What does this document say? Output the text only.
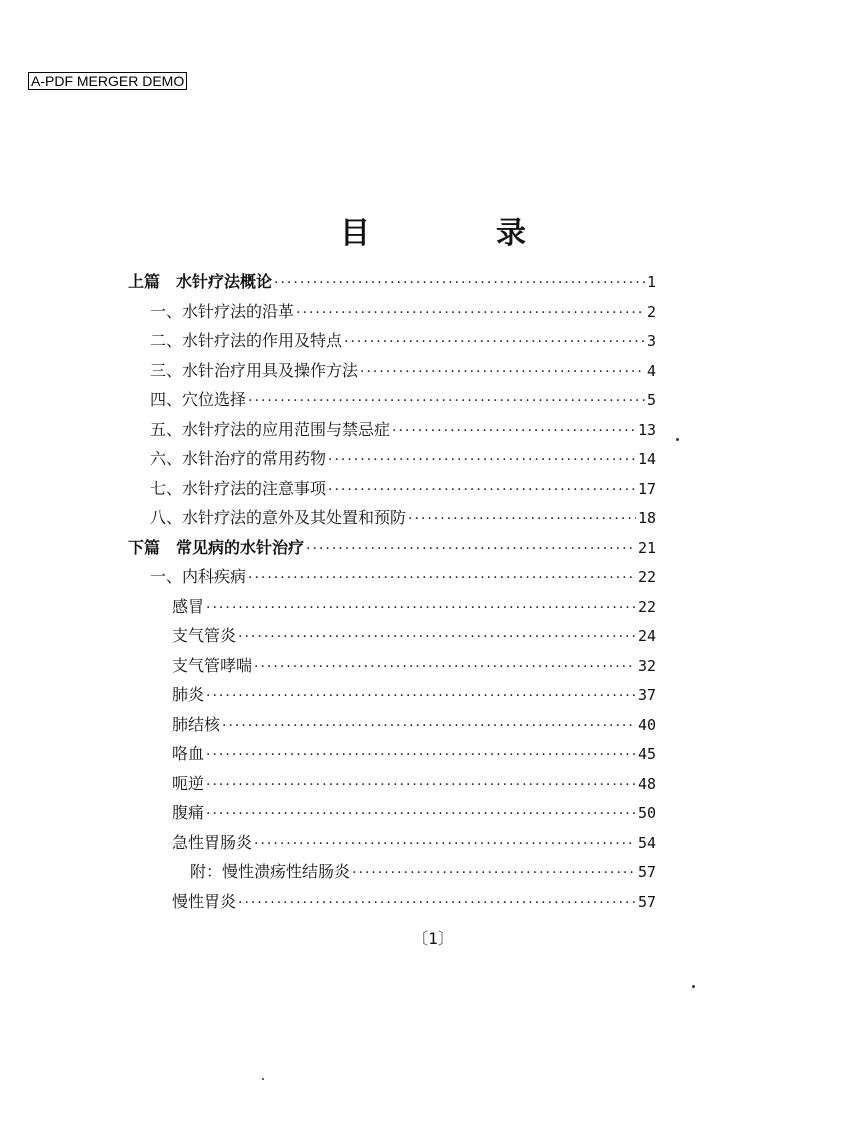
A-PDF MERGER DEMO
目　录
上篇　水针疗法概论 ·····	1
一、水针疗法的沿革 ·····	2
二、水针疗法的作用及特点 ·····	3
三、水针治疗用具及操作方法 ·····	4
四、穴位选择 ·····	5
五、水针疗法的应用范围与禁忌症 ·····	13
六、水针治疗的常用药物 ·····	14
七、水针疗法的注意事项 ·····	17
八、水针疗法的意外及其处置和预防 ·····	18
下篇　常见病的水针治疗 ·····	21
一、内科疾病 ·····	22
感冒 ·····	22
支气管炎 ·····	24
支气管哮喘 ·····	32
肺炎 ·····	37
肺结核 ·····	40
咯血 ·····	45
呃逆 ·····	48
腹痛 ·····	50
急性胃肠炎 ·····	54
附：慢性溃疡性结肠炎 ·····	57
慢性胃炎 ·····	57
〔1〕
